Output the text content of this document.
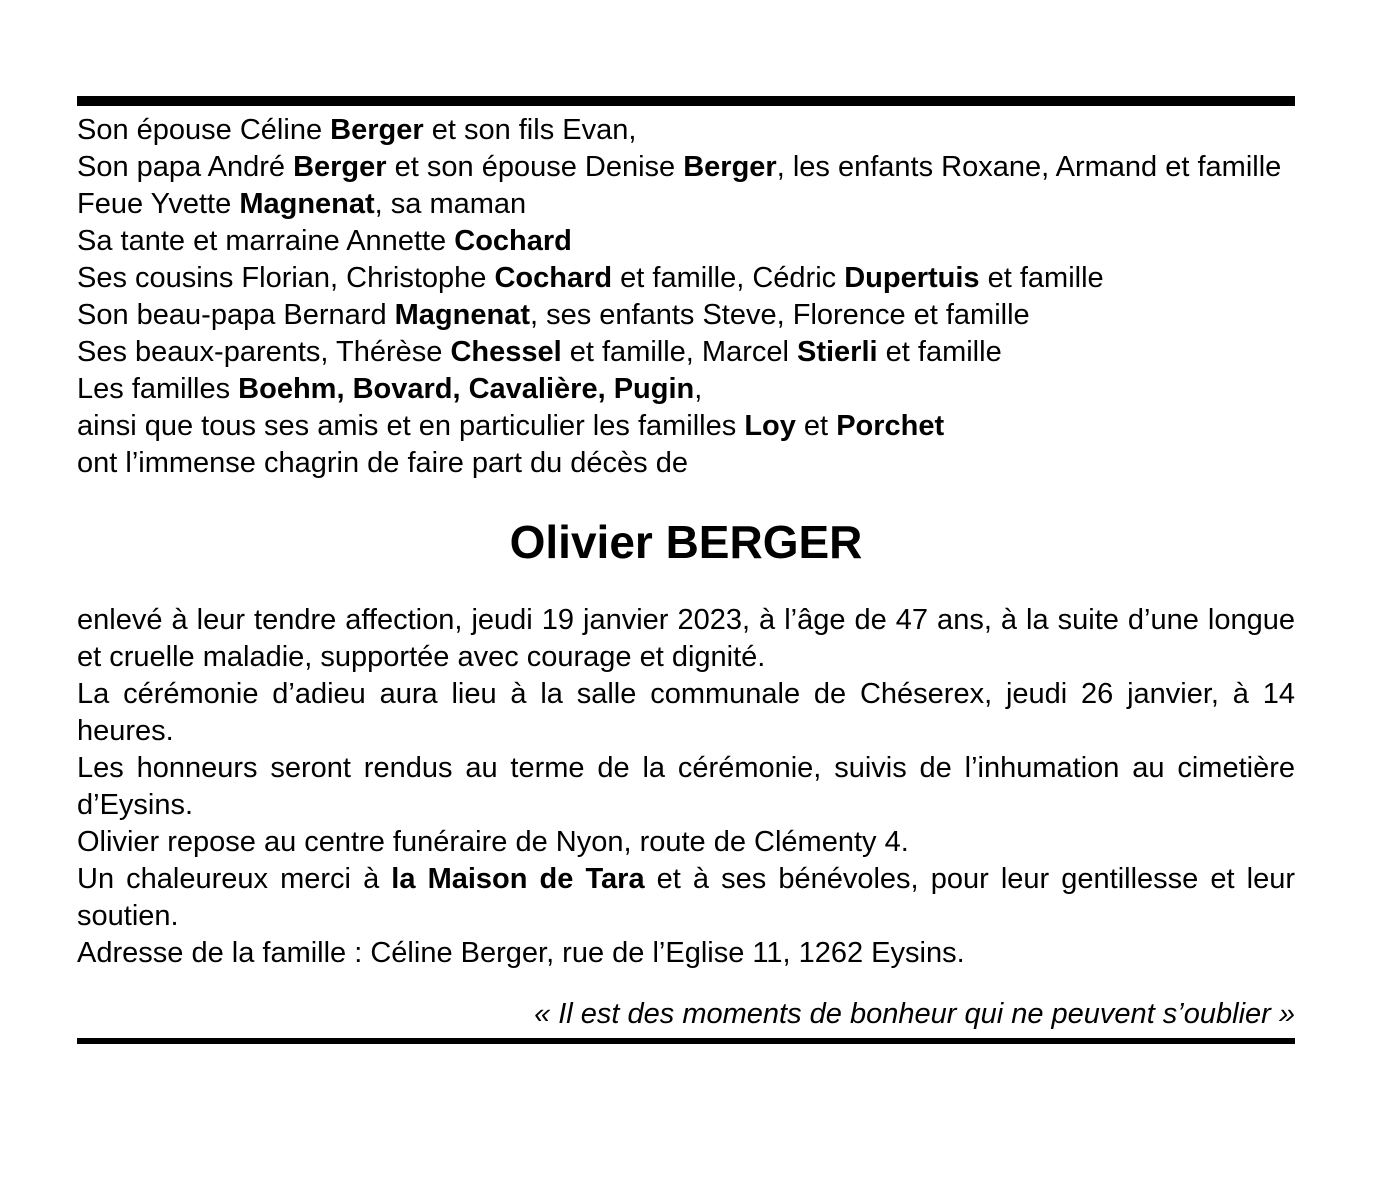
Son épouse Céline Berger et son fils Evan,

Son papa André Berger et son épouse Denise Berger, les enfants Roxane, Armand et famille

Feue Yvette Magnenat, sa maman

Sa tante et marraine Annette Cochard

Ses cousins Florian, Christophe Cochard et famille, Cédric Dupertuis et famille

Son beau-papa Bernard Magnenat, ses enfants Steve, Florence et famille

Ses beaux-parents, Thérèse Chessel et famille, Marcel Stierli et famille

Les familles Boehm, Bovard, Cavalière, Pugin,

ainsi que tous ses amis et en particulier les familles Loy et Porchet

ont l’immense chagrin de faire part du décès de

Olivier BERGER

enlevé à leur tendre affection, jeudi 19 janvier 2023, à l’âge de 47 ans, à la suite d’une longue et cruelle maladie, supportée avec courage et dignité.

La cérémonie d’adieu aura lieu à la salle communale de Chéserex, jeudi 26 janvier, à 14 heures.

Les honneurs seront rendus au terme de la cérémonie, suivis de l’inhumation au cimetière d’Eysins.

Olivier repose au centre funéraire de Nyon, route de Clémenty 4.

Un chaleureux merci à la Maison de Tara et à ses bénévoles, pour leur gentillesse et leur soutien.

Adresse de la famille : Céline Berger, rue de l’Eglise 11, 1262 Eysins.

« Il est des moments de bonheur qui ne peuvent s’oublier »
